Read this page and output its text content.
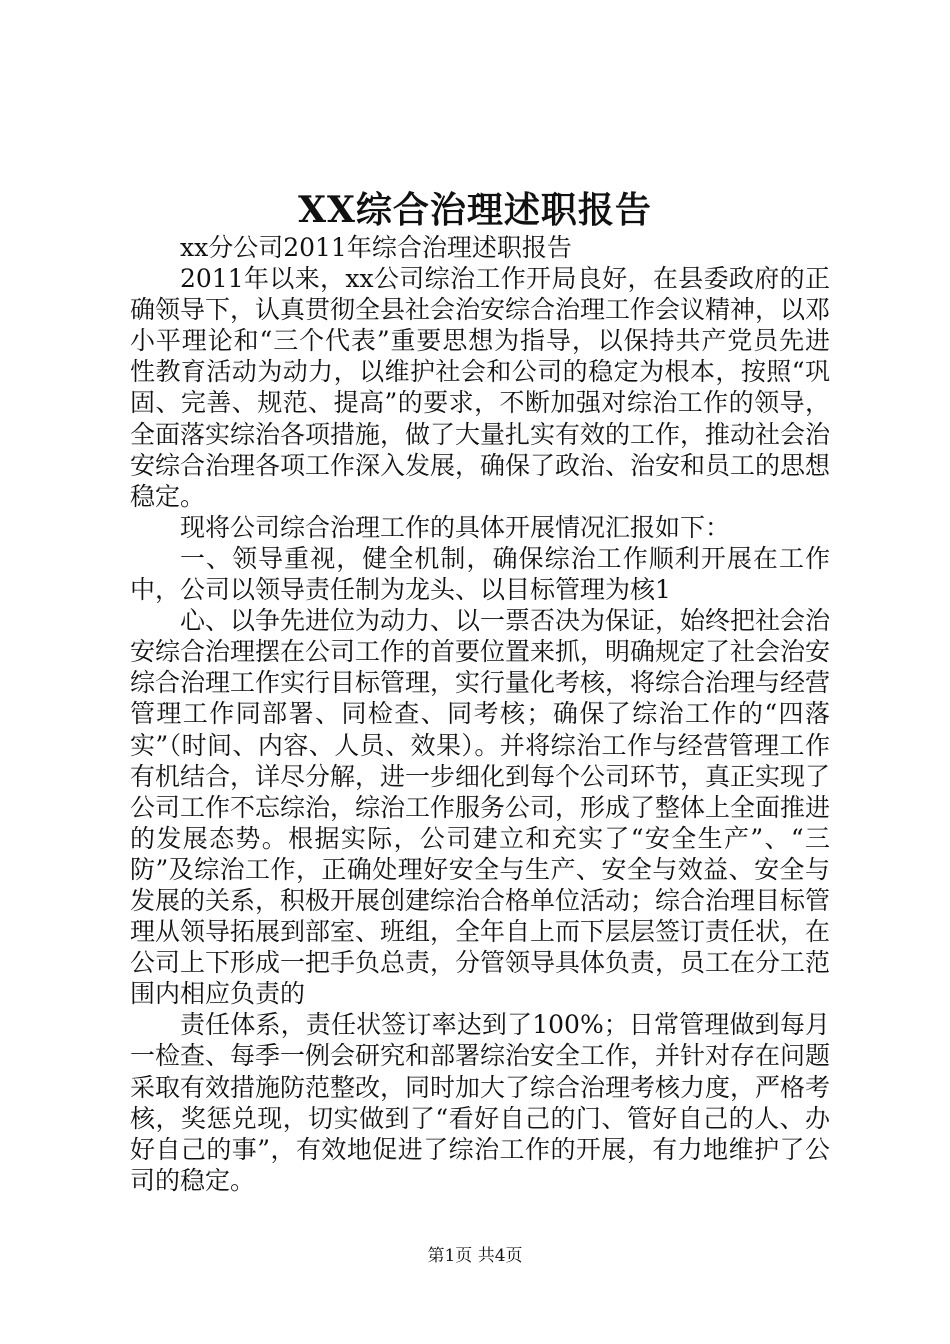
XX综合治理述职报告

xx分公司2011年综合治理述职报告

2011年以来，xx公司综治工作开局良好，在县委政府的正确领导下，认真贯彻全县社会治安综合治理工作会议精神，以邓小平理论和“三个代表”重要思想为指导，以保持共产党员先进性教育活动为动力，以维护社会和公司的稳定为根本，按照“巩固、完善、规范、提高”的要求，不断加强对综治工作的领导，全面落实综治各项措施，做了大量扎实有效的工作，推动社会治安综合治理各项工作深入发展，确保了政治、治安和员工的思想稳定。

现将公司综合治理工作的具体开展情况汇报如下：

一、领导重视，健全机制，确保综治工作顺利开展在工作中，公司以领导责任制为龙头、以目标管理为核1

心、以争先进位为动力、以一票否决为保证，始终把社会治安综合治理摆在公司工作的首要位置来抓，明确规定了社会治安综合治理工作实行目标管理，实行量化考核，将综合治理与经营管理工作同部署、同检查、同考核；确保了综治工作的“四落实”（时间、内容、人员、效果）。并将综治工作与经营管理工作有机结合，详尽分解，进一步细化到每个公司环节，真正实现了公司工作不忘综治，综治工作服务公司，形成了整体上全面推进的发展态势。根据实际，公司建立和充实了“安全生产”、“三防”及综治工作，正确处理好安全与生产、安全与效益、安全与发展的关系，积极开展创建综治合格单位活动；综合治理目标管理从领导拓展到部室、班组，全年自上而下层层签订责任状，在公司上下形成一把手负总责，分管领导具体负责，员工在分工范围内相应负责的

责任体系，责任状签订率达到了100%；日常管理做到每月一检查、每季一例会研究和部署综治安全工作，并针对存在问题采取有效措施防范整改，同时加大了综合治理考核力度，严格考核，奖惩兑现，切实做到了“看好自己的门、管好自己的人、办好自己的事”，有效地促进了综治工作的开展，有力地维护了公司的稳定。

第1页 共4页
